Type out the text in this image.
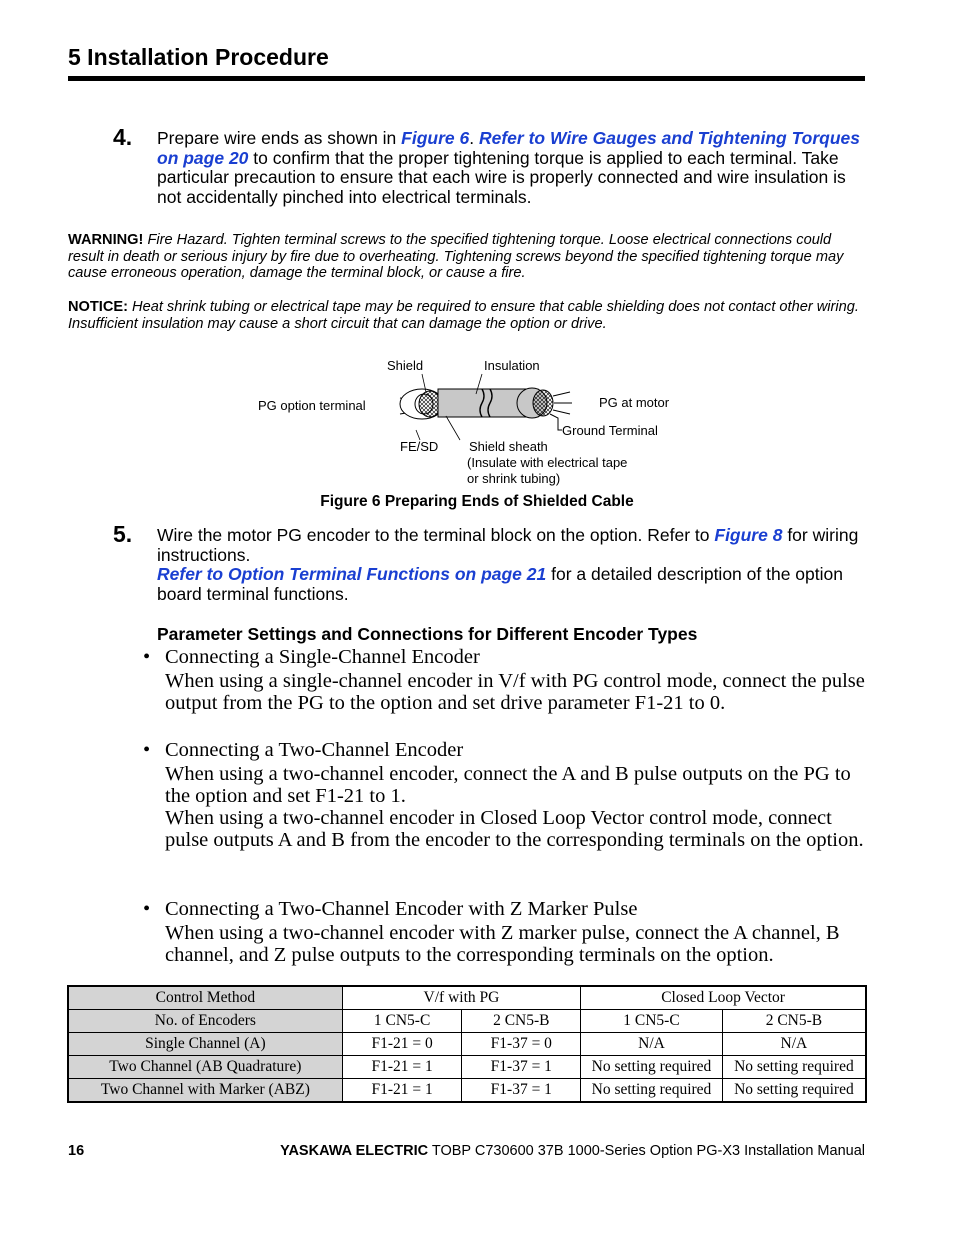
5 Installation Procedure
4. Prepare wire ends as shown in Figure 6. Refer to Wire Gauges and Tightening Torques on page 20 to confirm that the proper tightening torque is applied to each terminal. Take particular precaution to ensure that each wire is properly connected and wire insulation is not accidentally pinched into electrical terminals.
WARNING! Fire Hazard. Tighten terminal screws to the specified tightening torque. Loose electrical connections could result in death or serious injury by fire due to overheating. Tightening screws beyond the specified tightening torque may cause erroneous operation, damage the terminal block, or cause a fire.
NOTICE: Heat shrink tubing or electrical tape may be required to ensure that cable shielding does not contact other wiring. Insufficient insulation may cause a short circuit that can damage the option or drive.
Shield	Insulation
PG option terminal	PG at motor
Ground Terminal
FE/SD Shield sheath
(Insulate with electrical tape
or shrink tubing)
Figure 6 Preparing Ends of Shielded Cable
5. Wire the motor PG encoder to the terminal block on the option. Refer to Figure 8 for wiring instructions.
Refer to Option Terminal Functions on page 21 for a detailed description of the option board terminal functions.
Parameter Settings and Connections for Different Encoder Types
• Connecting a Single-Channel Encoder
When using a single-channel encoder in V/f with PG control mode, connect the pulse output from the PG to the option and set drive parameter F1-21 to 0.
• Connecting a Two-Channel Encoder
When using a two-channel encoder, connect the A and B pulse outputs on the PG to the option and set F1-21 to 1.
When using a two-channel encoder in Closed Loop Vector control mode, connect pulse outputs A and B from the encoder to the corresponding terminals on the option.
• Connecting a Two-Channel Encoder with Z Marker Pulse
When using a two-channel encoder with Z marker pulse, connect the A channel, B channel, and Z pulse outputs to the corresponding terminals on the option.
Control Method	V/f with PG		Closed Loop Vector	
No. of Encoders	1 CN5-C	2 CN5-B	1 CN5-C	2 CN5-B
Single Channel (A)	F1-21 = 0	F1-37 = 0	N/A	N/A
Two Channel (AB Quadrature)	F1-21 = 1	F1-37 = 1	No setting required	No setting required
Two Channel with Marker (ABZ)	F1-21 = 1	F1-37 = 1	No setting required	No setting required
16	YASKAWA ELECTRIC TOBP C730600 37B 1000-Series Option PG-X3 Installation Manual
